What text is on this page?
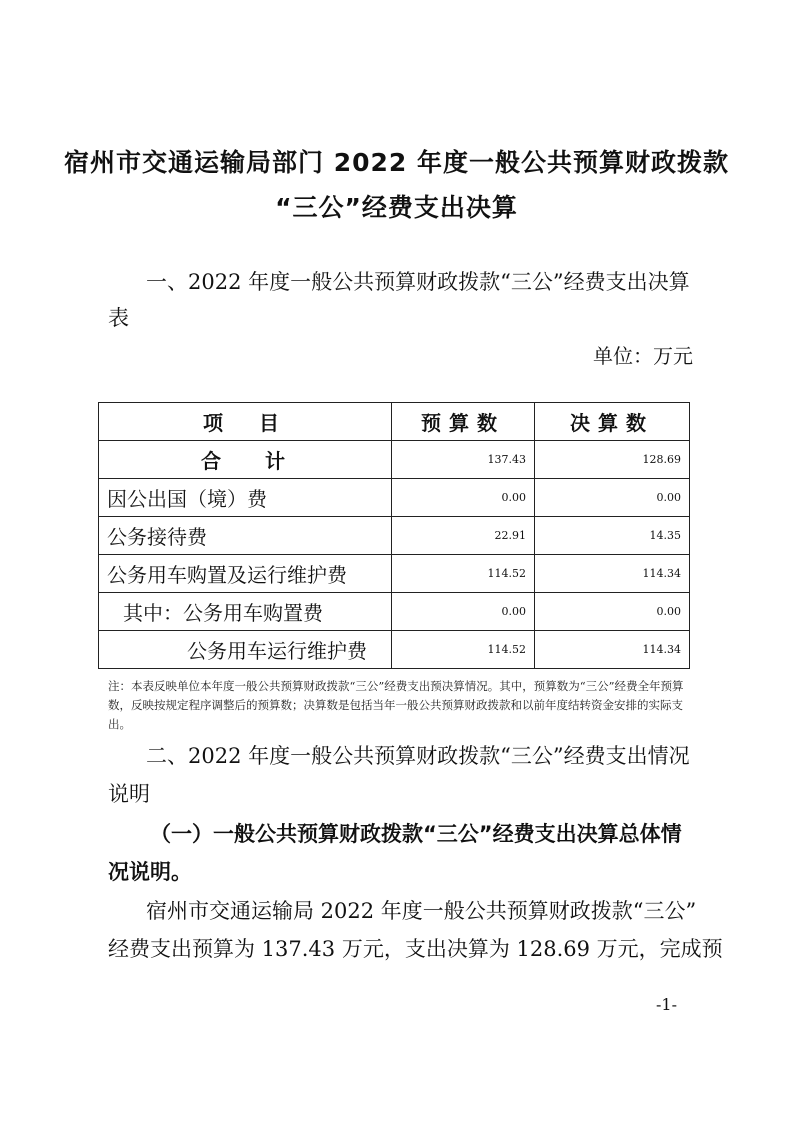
宿州市交通运输局部门 2022 年度一般公共预算财政拨款
“三公”经费支出决算
一、2022 年度一般公共预算财政拨款“三公”经费支出决算
表
单位：万元
项　目	预算数	决算数
合　计	137.43	128.69
因公出国（境）费	0.00	0.00
公务接待费	22.91	14.35
公务用车购置及运行维护费	114.52	114.34
其中：公务用车购置费	0.00	0.00
公务用车运行维护费	114.52	114.34
注：本表反映单位本年度一般公共预算财政拨款“三公”经费支出预决算情况。其中，预算数为“三公”经费全年预算数，反映按规定程序调整后的预算数；决算数是包括当年一般公共预算财政拨款和以前年度结转资金安排的实际支出。
二、2022 年度一般公共预算财政拨款“三公”经费支出情况
说明
（一）一般公共预算财政拨款“三公”经费支出决算总体情
况说明。
宿州市交通运输局 2022 年度一般公共预算财政拨款“三公”
经费支出预算为 137.43 万元，支出决算为 128.69 万元，完成预
-1-
